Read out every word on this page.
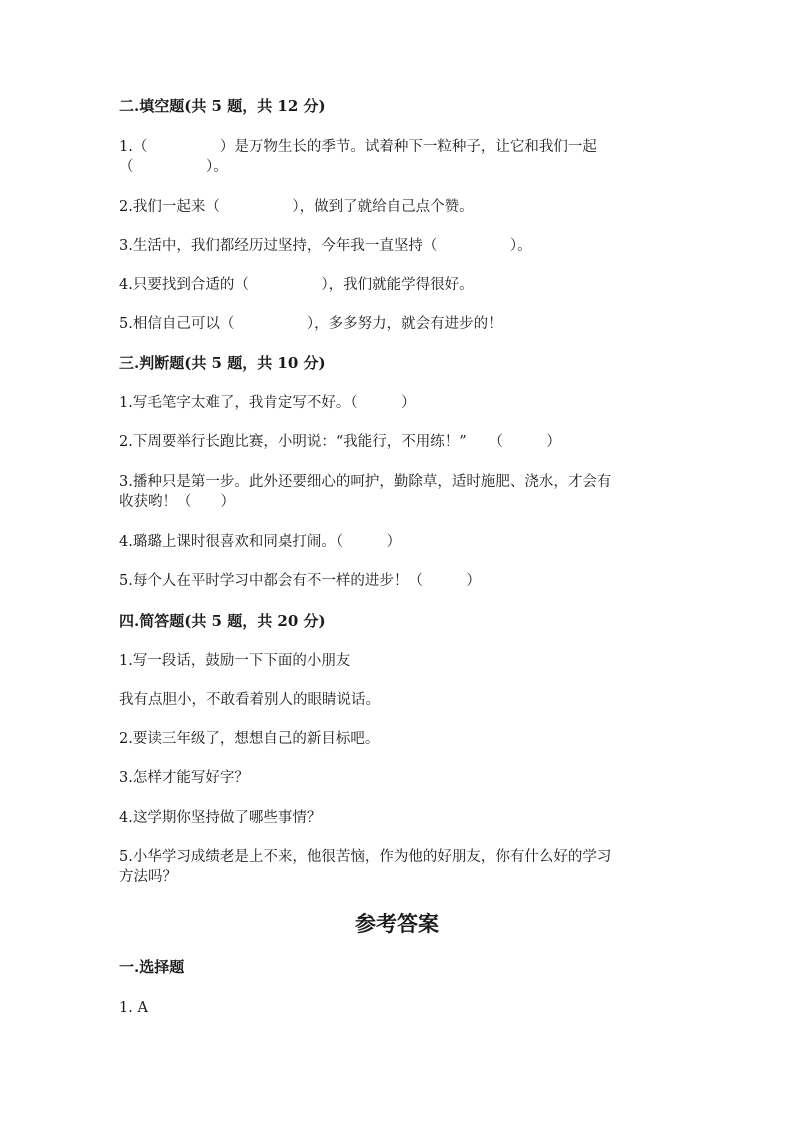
二.填空题(共 5 题，共 12 分)
1.（　　　　　）是万物生长的季节。试着种下一粒种子，让它和我们一起
（　　　　　）。
2.我们一起来（　　　　　），做到了就给自己点个赞。
3.生活中，我们都经历过坚持，今年我一直坚持（　　　　　）。
4.只要找到合适的（　　　　　），我们就能学得很好。
5.相信自己可以（　　　　　），多多努力，就会有进步的！
三.判断题(共 5 题，共 10 分)
1.写毛笔字太难了，我肯定写不好。（　　　）
2.下周要举行长跑比赛，小明说：“我能行，不用练！”　　（　　　）
3.播种只是第一步。此外还要细心的呵护，勤除草，适时施肥、浇水，才会有
收获哟！（　　）
4.璐璐上课时很喜欢和同桌打闹。（　　　）
5.每个人在平时学习中都会有不一样的进步！（　　　）
四.简答题(共 5 题，共 20 分)
1.写一段话，鼓励一下下面的小朋友
我有点胆小，不敢看着别人的眼睛说话。
2.要读三年级了，想想自己的新目标吧。
3.怎样才能写好字？
4.这学期你坚持做了哪些事情？
5.小华学习成绩老是上不来，他很苦恼，作为他的好朋友，你有什么好的学习
方法吗？
参考答案
一.选择题
1. A
